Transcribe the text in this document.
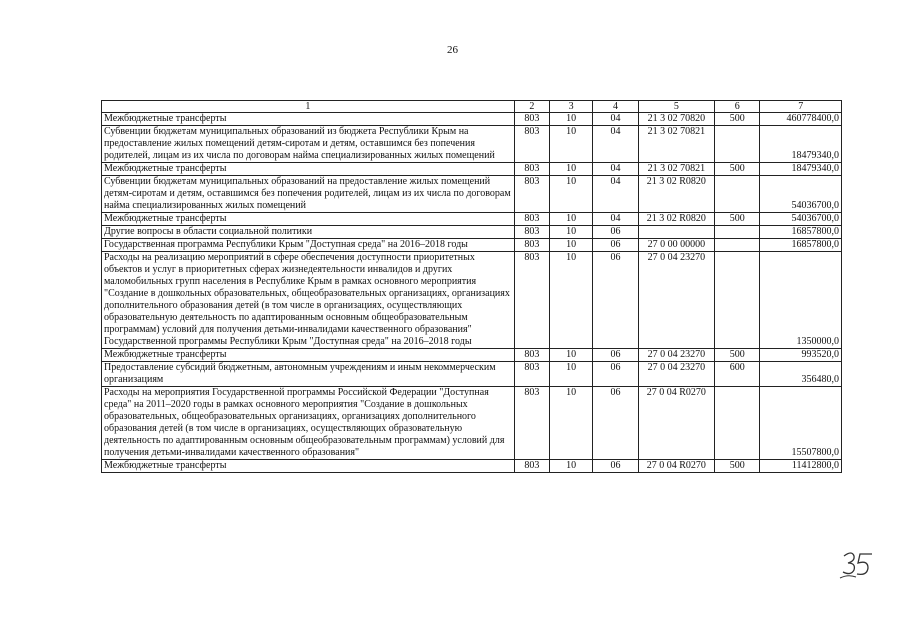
26
1	2	3	4	5	6	7
Межбюджетные трансферты	803	10	04	21 3 02 70820	500	460778400,0
Субвенции бюджетам муниципальных образований из бюджета Республики Крым на предоставление жилых помещений детям-сиротам и детям, оставшимся без попечения родителей, лицам из их числа по договорам найма специализированных жилых помещений	803	10	04	21 3 02 70821		18479340,0
Межбюджетные трансферты	803	10	04	21 3 02 70821	500	18479340,0
Субвенции бюджетам муниципальных образований на предоставление жилых помещений детям-сиротам и детям, оставшимся без попечения родителей, лицам из их числа по договорам найма специализированных жилых помещений	803	10	04	21 3 02 R0820		54036700,0
Межбюджетные трансферты	803	10	04	21 3 02 R0820	500	54036700,0
Другие вопросы в области социальной политики	803	10	06			16857800,0
Государственная программа Республики Крым "Доступная среда" на 2016–2018 годы	803	10	06	27 0 00 00000		16857800,0
Расходы на реализацию мероприятий в сфере обеспечения доступности приоритетных объектов и услуг в приоритетных сферах жизнедеятельности инвалидов и других маломобильных групп населения в Республике Крым в рамках основного мероприятия "Создание в дошкольных образовательных, общеобразовательных организациях, организациях дополнительного образования детей (в том числе в организациях, осуществляющих образовательную деятельность по адаптированным основным общеобразовательным программам) условий для получения детьми-инвалидами качественного образования" Государственной программы Республики Крым "Доступная среда" на 2016–2018 годы	803	10	06	27 0 04 23270		1350000,0
Межбюджетные трансферты	803	10	06	27 0 04 23270	500	993520,0
Предоставление субсидий бюджетным, автономным учреждениям и иным некоммерческим организациям	803	10	06	27 0 04 23270	600	356480,0
Расходы на мероприятия Государственной программы Российской Федерации "Доступная среда" на 2011–2020 годы в рамках основного мероприятия "Создание в дошкольных образовательных, общеобразовательных организациях, организациях дополнительного образования детей (в том числе в организациях, осуществляющих образовательную деятельность по адаптированным основным общеобразовательным программам) условий для получения детьми-инвалидами качественного образования"	803	10	06	27 0 04 R0270		15507800,0
Межбюджетные трансферты	803	10	06	27 0 04 R0270	500	11412800,0
